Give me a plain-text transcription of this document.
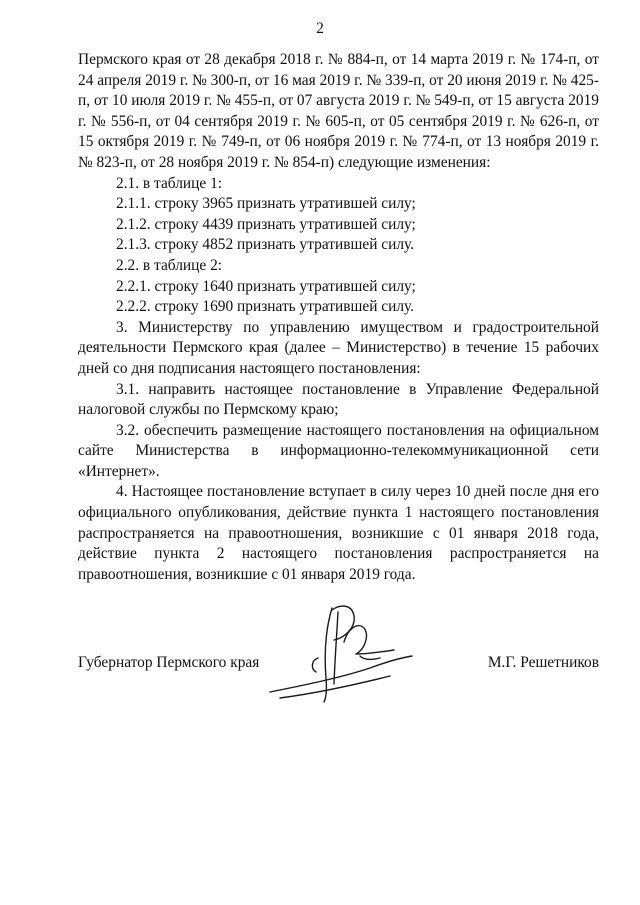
2

Пермского края от 28 декабря 2018 г. № 884-п, от 14 марта 2019 г. № 174-п, от 24 апреля 2019 г. № 300-п, от 16 мая 2019 г. № 339-п, от 20 июня 2019 г. № 425-п, от 10 июля 2019 г. № 455-п, от 07 августа 2019 г. № 549-п, от 15 августа 2019 г. № 556-п, от 04 сентября 2019 г. № 605-п, от 05 сентября 2019 г. № 626-п, от 15 октября 2019 г. № 749-п, от 06 ноября 2019 г. № 774-п, от 13 ноября 2019 г. № 823-п, от 28 ноября 2019 г. № 854-п) следующие изменения:

2.1. в таблице 1:

2.1.1. строку 3965 признать утратившей силу;

2.1.2. строку 4439 признать утратившей силу;

2.1.3. строку 4852 признать утратившей силу.

2.2. в таблице 2:

2.2.1. строку 1640 признать утратившей силу;

2.2.2. строку 1690 признать утратившей силу.

3. Министерству по управлению имуществом и градостроительной деятельности Пермского края (далее – Министерство) в течение 15 рабочих дней со дня подписания настоящего постановления:

3.1. направить настоящее постановление в Управление Федеральной налоговой службы по Пермскому краю;

3.2. обеспечить размещение настоящего постановления на официальном сайте Министерства в информационно-телекоммуникационной сети «Интернет».

4. Настоящее постановление вступает в силу через 10 дней после дня его официального опубликования, действие пункта 1 настоящего постановления распространяется на правоотношения, возникшие с 01 января 2018 года, действие пункта 2 настоящего постановления распространяется на правоотношения, возникшие с 01 января 2019 года.

Губернатор Пермского края	М.Г. Решетников
